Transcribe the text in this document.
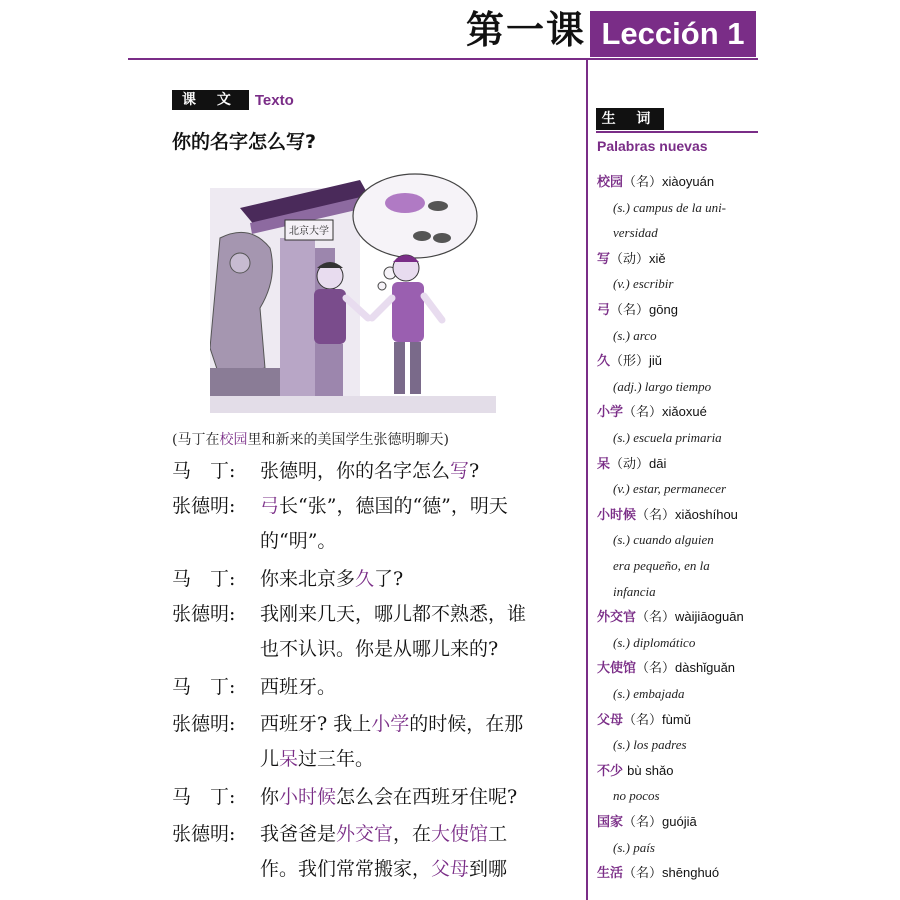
第一课 Lección 1
课 文	Texto
你的名字怎么写?
北京大学
(马丁在校园里和新来的美国学生张德明聊天)
马　丁:	张德明，你的名字怎么写?
张德明:	弓长“张”，德国的“德”，明天
的“明”。
马　丁:	你来北京多久了?
张德明:	我刚来几天，哪儿都不熟悉，谁
也不认识。你是从哪儿来的?
马　丁:	西班牙。
张德明:	西班牙? 我上小学的时候，在那
儿呆过三年。
马　丁:	你小时候怎么会在西班牙住呢?
张德明:	我爸爸是外交官，在大使馆工
作。我们常常搬家，父母到哪
生 词
Palabras nuevas
校园（名）xiàoyuán
(s.) campus de la uni-
versidad
写（动）xiě
(v.) escribir
弓（名）gōng
(s.) arco
久（形）jiǔ
(adj.) largo tiempo
小学（名）xiǎoxué
(s.) escuela primaria
呆（动）dāi
(v.) estar, permanecer
小时候（名）xiǎoshíhou
(s.) cuando alguien
era pequeño, en la
infancia
外交官（名）wàijiāoguān
(s.) diplomático
大使馆（名）dàshǐguǎn
(s.) embajada
父母（名）fùmǔ
(s.) los padres
不少 bù shǎo
no pocos
国家（名）guójiā
(s.) país
生活（名）shēnghuó
